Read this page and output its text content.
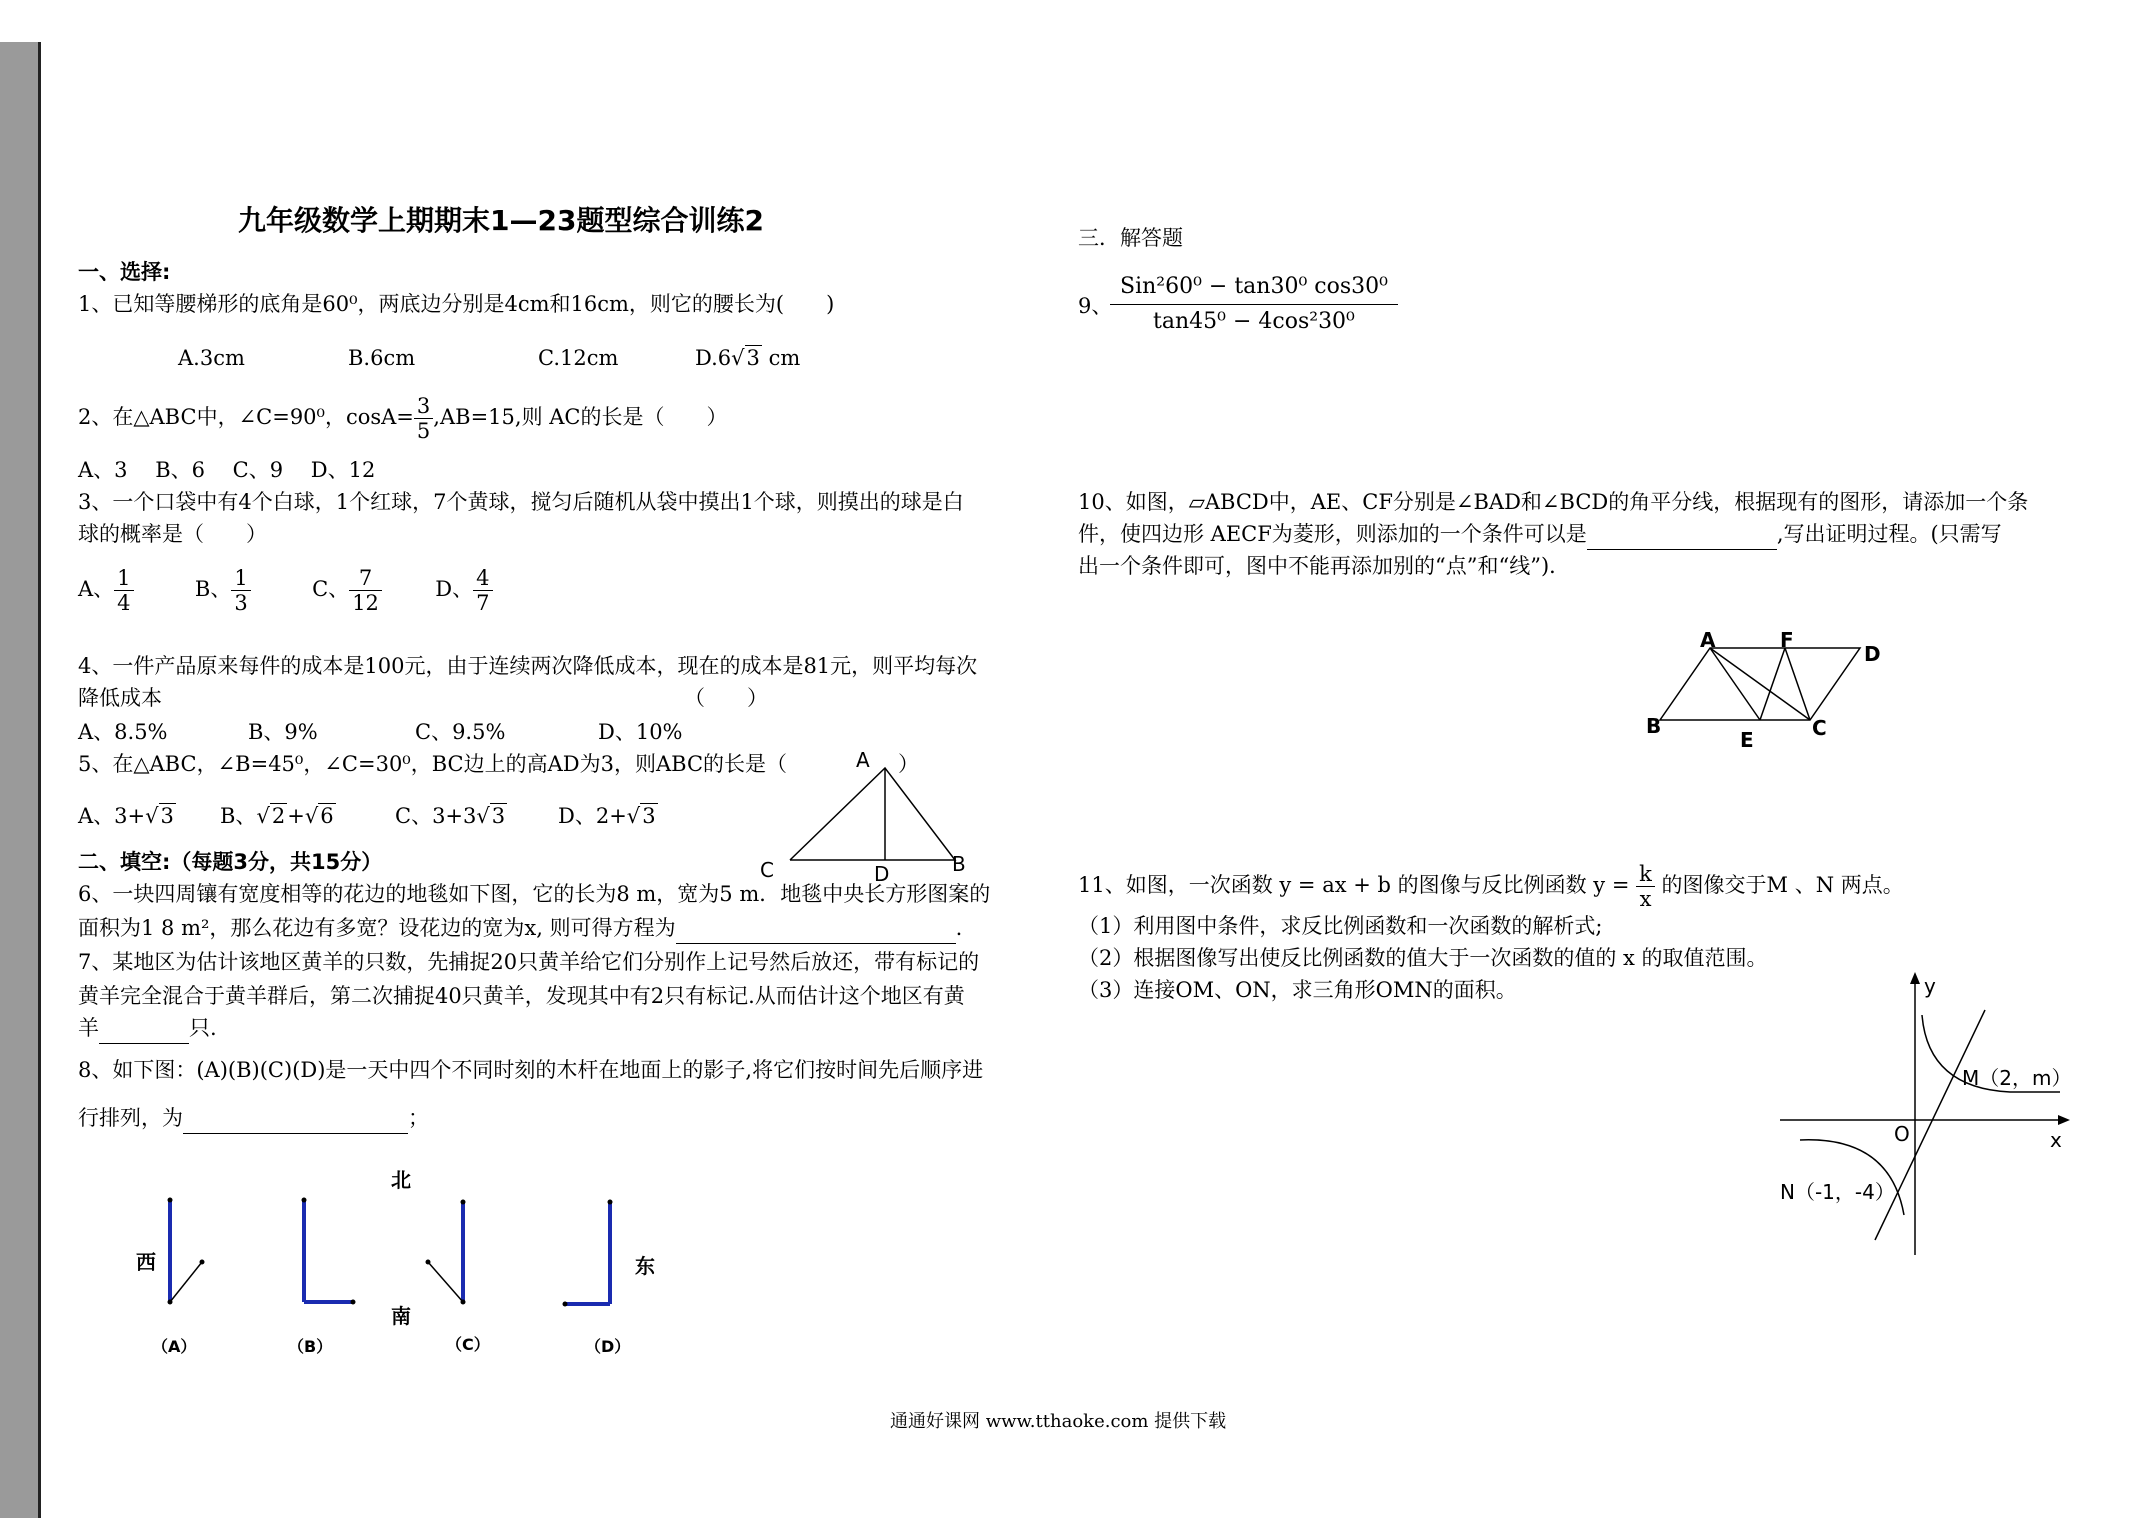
九年级数学上期期末1—23题型综合训练2
一、选择:
1、已知等腰梯形的底角是60⁰，两底边分别是4cm和16cm，则它的腰长为(　　)
A.3cm	B.6cm	C.12cm	D.6√3 cm
2、在△ABC中，∠C=90⁰，$\cos A= \frac{3}{5} ,AB=15$,则 AC的长是（　　）
A、3　 B、6　 C、9　 D、12
3、一个口袋中有4个白球，1个红球，7个黄球，搅匀后随机从袋中摸出1个球，则摸出的球是白
球的概率是（　　）
A、 $\frac{1}{4}$	B、 $\frac{1}{3}$	C、 $\frac{7}{12}$	D、 $\frac{4}{7}$
4、一件产品原来每件的成本是100元，由于连续两次降低成本，现在的成本是81元，则平均每次
降低成本	（　　）
A、8.5%	B、9%	C、9.5%	D、10%
5、在△ABC，∠B=45⁰，∠C=30⁰，BC边上的高AD为3，则ABC的长是（	）
A、3+√3 B、√2+√6	C、3+3√3	D、2+√3
A
C	D	B
二、填空:（每题3分，共15分）
6、一块四周镶有宽度相等的花边的地毯如下图，它的长为8 m，宽为5 m．地毯中央长方形图案的
面积为1 8 m²，那么花边有多宽？设花边的宽为x, 则可得方程为	.
7、某地区为估计该地区黄羊的只数，先捕捉20只黄羊给它们分别作上记号然后放还，带有标记的
黄羊完全混合于黄羊群后，第二次捕捉40只黄羊，发现其中有2只有标记.从而估计这个地区有黄
羊	只.
8、如下图：(A)(B)(C)(D)是一天中四个不同时刻的木杆在地面上的影子,将它们按时间先后顺序进
行排列，为	；
北
南
西	东
（A）	（B）	（C）	（D）
三．解答题
9、
Sin²60⁰ − tan30⁰ cos30⁰
tan45⁰ − 4cos²30⁰
10、如图，▱ABCD中，AE、CF分别是∠BAD和∠BCD的角平分线，根据现有的图形，请添加一个条
件，使四边形 AECF为菱形，则添加的一个条件可以是	,写出证明过程。(只需写
出一个条件即可，图中不能再添加别的“点”和“线”)．
A	F
D
B
E	C
11、如图，一次函数 y = ax + b 的图像与反比例函数 $y = \frac{k}{x}$ 的图像交于M 、N 两点。
（1）利用图中条件，求反比例函数和一次函数的解析式;
（2）根据图像写出使反比例函数的值大于一次函数的值的 x 的取值范围。
（3）连接OM、ON，求三角形OMN的面积。	y
x
O
M（2，m）
N（-1，-4）
通通好课网 www.tthaoke.com 提供下载
